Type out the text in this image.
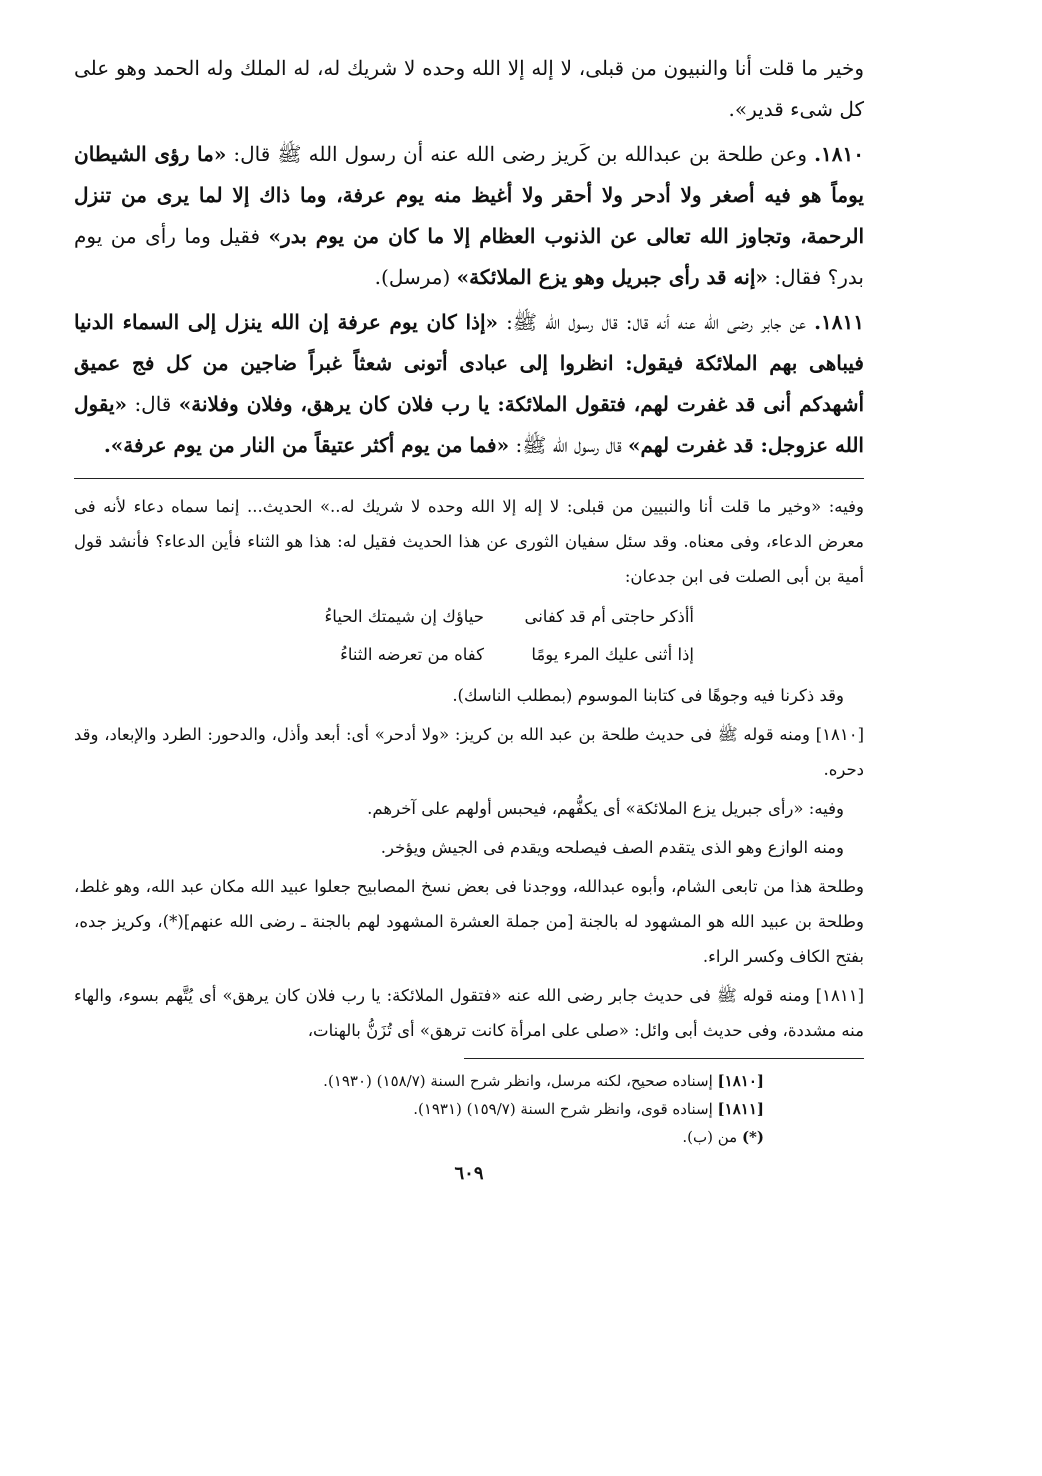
وخير ما قلت أنا والنبيون من قبلى، لا إله إلا الله وحده لا شريك له، له الملك وله الحمد وهو على كل شىء قدير».

١٨١٠. وعن طلحة بن عبدالله بن كَريز رضى الله عنه أن رسول الله ﷺ قال: «ما رؤى الشيطان يوماً هو فيه أصغر ولا أدحر ولا أحقر ولا أغيظ منه يوم عرفة، وما ذاك إلا لما يرى من تنزل الرحمة، وتجاوز الله تعالى عن الذنوب العظام إلا ما كان من يوم بدر» فقيل وما رأى من يوم بدر؟ فقال: «إنه قد رأى جبريل وهو يزع الملائكة» (مرسل).

١٨١١. عن جابر رضى الله عنه أنه قال: قال رسول الله ﷺ: «إذا كان يوم عرفة إن الله ينزل إلى السماء الدنيا فيباهى بهم الملائكة فيقول: انظروا إلى عبادى أتونى شعثاً غبراً ضاجين من كل فج عميق أشهدكم أنى قد غفرت لهم، فتقول الملائكة: يا رب فلان كان يرهق، وفلان وفلانة» قال: «يقول الله عزوجل: قد غفرت لهم» قال رسول الله ﷺ: «فما من يوم أكثر عتيقاً من النار من يوم عرفة».

وفيه: «وخير ما قلت أنا والنبيين من قبلى: لا إله إلا الله وحده لا شريك له..» الحديث... إنما سماه دعاء لأنه فى معرض الدعاء، وفى معناه. وقد سئل سفيان الثورى عن هذا الحديث فقيل له: هذا هو الثناء فأين الدعاء؟ فأنشد قول أمية بن أبى الصلت فى ابن جدعان:

أأذكر حاجتى أم قد كفانى
حياؤك إن شيمتك الحياءُ
إذا أثنى عليك المرء يومًا
كفاه من تعرضه الثناءُ

وقد ذكرنا فيه وجوهًا فى كتابنا الموسوم (بمطلب الناسك).

[١٨١٠] ومنه قوله ﷺ فى حديث طلحة بن عبد الله بن كريز: «ولا أدحر» أى: أبعد وأذل، والدحور: الطرد والإبعاد، وقد دحره.

وفيه: «رأى جبريل يزع الملائكة» أى يكفُّهم، فيحبس أولهم على آخرهم.

ومنه الوازع وهو الذى يتقدم الصف فيصلحه ويقدم فى الجيش ويؤخر.

وطلحة هذا من تابعى الشام، وأبوه عبدالله، ووجدنا فى بعض نسخ المصابيح جعلوا عبيد الله مكان عبد الله، وهو غلط، وطلحة بن عبيد الله هو المشهود له بالجنة [من جملة العشرة المشهود لهم بالجنة ـ رضى الله عنهم](*)، وكريز جده، بفتح الكاف وكسر الراء.

[١٨١١] ومنه قوله ﷺ فى حديث جابر رضى الله عنه «فتقول الملائكة: يا رب فلان كان يرهق» أى يُتَّهم بسوء، والهاء منه مشددة، وفى حديث أبى وائل: «صلى على امرأة كانت ترهق» أى تُزَنُّ بالهنات،

[١٨١٠] إسناده صحيح، لكنه مرسل، وانظر شرح السنة (١٥٨/٧) (١٩٣٠).

[١٨١١] إسناده قوى، وانظر شرح السنة (١٥٩/٧) (١٩٣١).

(*) من (ب).

٦٠٩
